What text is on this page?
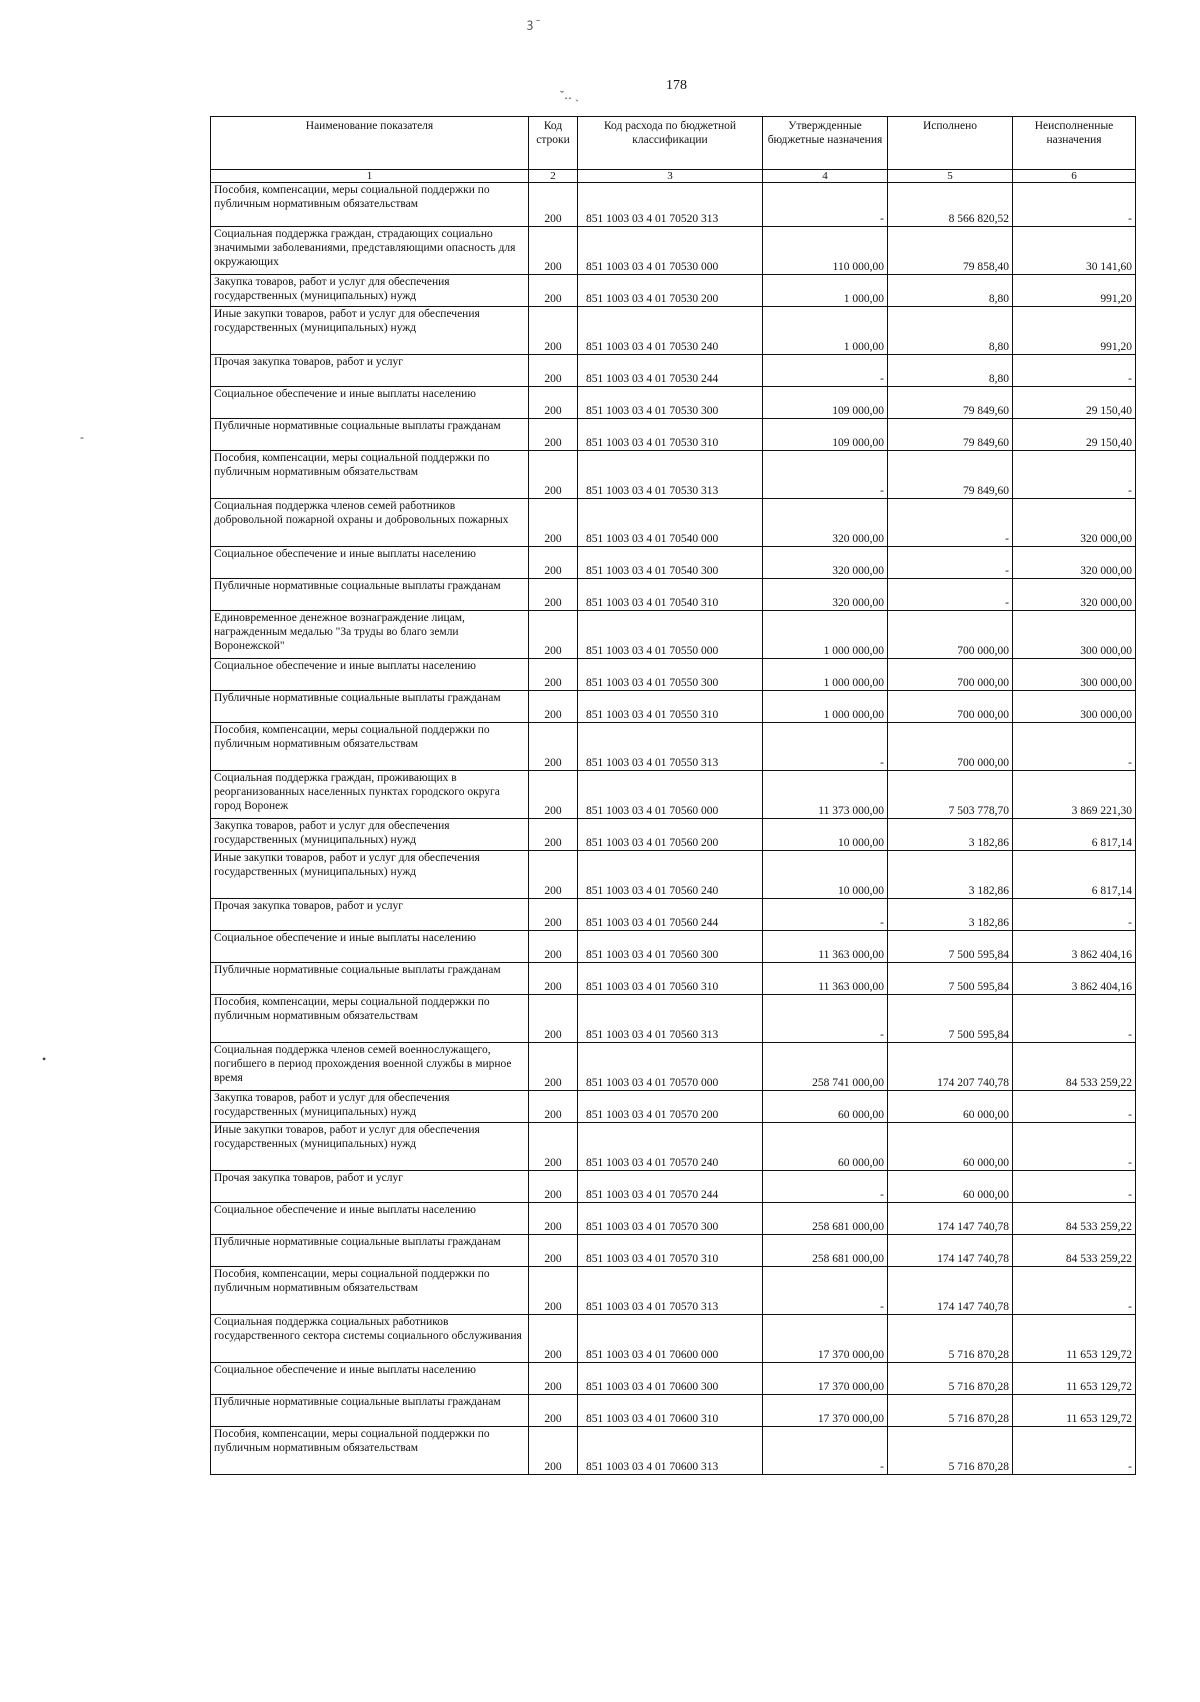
ꝫ ˉ
ˇ‥ ˏ
‐
•
178
Наименование показателя	Код строки	Код расхода по бюджетной классификации	Утвержденные бюджетные назначения	Исполнено	Неисполненные назначения
1	2	3	4	5	6
Пособия, компенсации, меры социальной поддержки по публичным нормативным обязательствам	200	851 1003 03 4 01 70520 313	-	8 566 820,52	-
Социальная поддержка граждан, страдающих социально значимыми заболеваниями, представляющими опасность для окружающих	200	851 1003 03 4 01 70530 000	110 000,00	79 858,40	30 141,60
Закупка товаров, работ и услуг для обеспечения государственных (муниципальных) нужд	200	851 1003 03 4 01 70530 200	1 000,00	8,80	991,20
Иные закупки товаров, работ и услуг для обеспечения государственных (муниципальных) нужд	200	851 1003 03 4 01 70530 240	1 000,00	8,80	991,20
Прочая закупка товаров, работ и услуг	200	851 1003 03 4 01 70530 244	-	8,80	-
Социальное обеспечение и иные выплаты населению	200	851 1003 03 4 01 70530 300	109 000,00	79 849,60	29 150,40
Публичные нормативные социальные выплаты гражданам	200	851 1003 03 4 01 70530 310	109 000,00	79 849,60	29 150,40
Пособия, компенсации, меры социальной поддержки по публичным нормативным обязательствам	200	851 1003 03 4 01 70530 313	-	79 849,60	-
Социальная поддержка членов семей работников добровольной пожарной охраны и добровольных пожарных	200	851 1003 03 4 01 70540 000	320 000,00	-	320 000,00
Социальное обеспечение и иные выплаты населению	200	851 1003 03 4 01 70540 300	320 000,00	-	320 000,00
Публичные нормативные социальные выплаты гражданам	200	851 1003 03 4 01 70540 310	320 000,00	-	320 000,00
Единовременное денежное вознаграждение лицам, награжденным медалью "За труды во благо земли Воронежской"	200	851 1003 03 4 01 70550 000	1 000 000,00	700 000,00	300 000,00
Социальное обеспечение и иные выплаты населению	200	851 1003 03 4 01 70550 300	1 000 000,00	700 000,00	300 000,00
Публичные нормативные социальные выплаты гражданам	200	851 1003 03 4 01 70550 310	1 000 000,00	700 000,00	300 000,00
Пособия, компенсации, меры социальной поддержки по публичным нормативным обязательствам	200	851 1003 03 4 01 70550 313	-	700 000,00	-
Социальная поддержка граждан, проживающих в реорганизованных населенных пунктах городского округа город Воронеж	200	851 1003 03 4 01 70560 000	11 373 000,00	7 503 778,70	3 869 221,30
Закупка товаров, работ и услуг для обеспечения государственных (муниципальных) нужд	200	851 1003 03 4 01 70560 200	10 000,00	3 182,86	6 817,14
Иные закупки товаров, работ и услуг для обеспечения государственных (муниципальных) нужд	200	851 1003 03 4 01 70560 240	10 000,00	3 182,86	6 817,14
Прочая закупка товаров, работ и услуг	200	851 1003 03 4 01 70560 244	-	3 182,86	-
Социальное обеспечение и иные выплаты населению	200	851 1003 03 4 01 70560 300	11 363 000,00	7 500 595,84	3 862 404,16
Публичные нормативные социальные выплаты гражданам	200	851 1003 03 4 01 70560 310	11 363 000,00	7 500 595,84	3 862 404,16
Пособия, компенсации, меры социальной поддержки по публичным нормативным обязательствам	200	851 1003 03 4 01 70560 313	-	7 500 595,84	-
Социальная поддержка членов семей военнослужащего, погибшего в период прохождения военной службы в мирное время	200	851 1003 03 4 01 70570 000	258 741 000,00	174 207 740,78	84 533 259,22
Закупка товаров, работ и услуг для обеспечения государственных (муниципальных) нужд	200	851 1003 03 4 01 70570 200	60 000,00	60 000,00	-
Иные закупки товаров, работ и услуг для обеспечения государственных (муниципальных) нужд	200	851 1003 03 4 01 70570 240	60 000,00	60 000,00	-
Прочая закупка товаров, работ и услуг	200	851 1003 03 4 01 70570 244	-	60 000,00	-
Социальное обеспечение и иные выплаты населению	200	851 1003 03 4 01 70570 300	258 681 000,00	174 147 740,78	84 533 259,22
Публичные нормативные социальные выплаты гражданам	200	851 1003 03 4 01 70570 310	258 681 000,00	174 147 740,78	84 533 259,22
Пособия, компенсации, меры социальной поддержки по публичным нормативным обязательствам	200	851 1003 03 4 01 70570 313	-	174 147 740,78	-
Социальная поддержка социальных работников государственного сектора системы социального обслуживания	200	851 1003 03 4 01 70600 000	17 370 000,00	5 716 870,28	11 653 129,72
Социальное обеспечение и иные выплаты населению	200	851 1003 03 4 01 70600 300	17 370 000,00	5 716 870,28	11 653 129,72
Публичные нормативные социальные выплаты гражданам	200	851 1003 03 4 01 70600 310	17 370 000,00	5 716 870,28	11 653 129,72
Пособия, компенсации, меры социальной поддержки по публичным нормативным обязательствам	200	851 1003 03 4 01 70600 313	-	5 716 870,28	-
